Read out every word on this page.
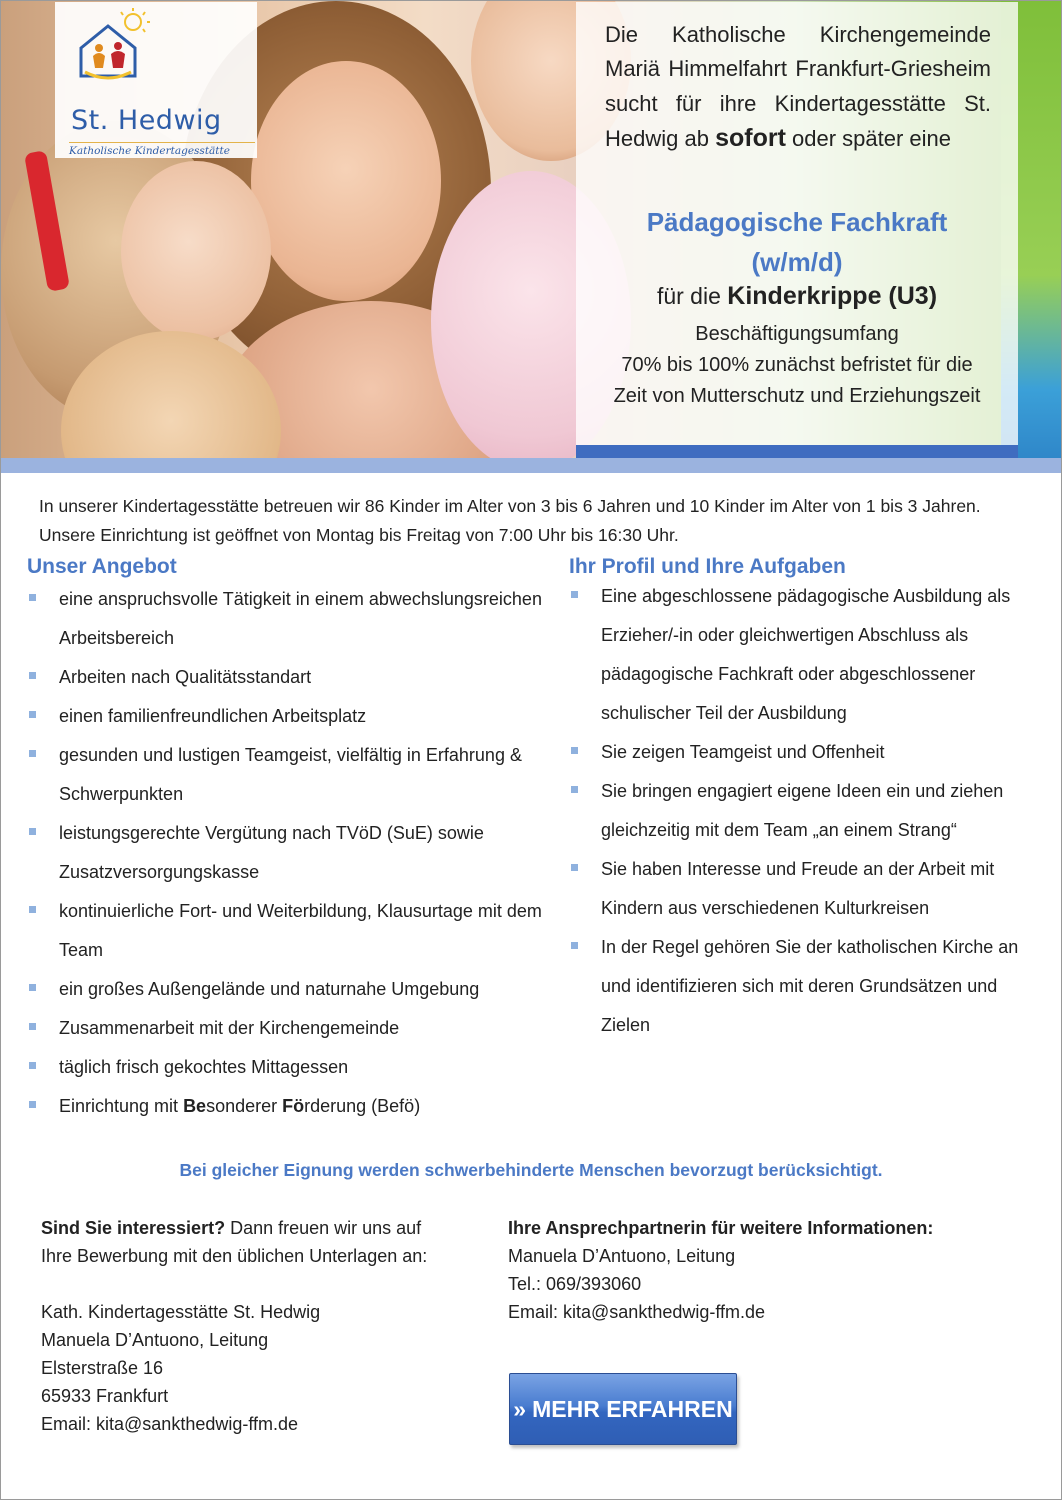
St. Hedwig
Katholische Kindertagesstätte

Die Katholische Kirchengemeinde Mariä Himmelfahrt Frankfurt-Griesheim sucht für ihre Kindertagesstätte St. Hedwig ab sofort oder später eine

Pädagogische Fachkraft
(w/m/d)
für die Kinderkrippe (U3)
Beschäftigungsumfang
70% bis 100% zunächst befristet für die Zeit von Mutterschutz und Erziehungszeit

In unserer Kindertagesstätte betreuen wir 86 Kinder im Alter von 3 bis 6 Jahren und 10 Kinder im Alter von 1 bis 3 Jahren. Unsere Einrichtung ist geöffnet von Montag bis Freitag von 7:00 Uhr bis 16:30 Uhr.

Unser Angebot
eine anspruchsvolle Tätigkeit in einem abwechslungsreichen Arbeitsbereich
Arbeiten nach Qualitätsstandart
einen familienfreundlichen Arbeitsplatz
gesunden und lustigen Teamgeist, vielfältig in Erfahrung & Schwerpunkten
leistungsgerechte Vergütung nach TVöD (SuE) sowie Zusatzversorgungskasse
kontinuierliche Fort- und Weiterbildung, Klausurtage mit dem Team
ein großes Außengelände und naturnahe Umgebung
Zusammenarbeit mit der Kirchengemeinde
täglich frisch gekochtes Mittagessen
Einrichtung mit Besonderer Förderung (Befö)
Ihr Profil und Ihre Aufgaben
Eine abgeschlossene pädagogische Ausbildung als Erzieher/-in oder gleichwertigen Abschluss als pädagogische Fachkraft oder abgeschlossener schulischer Teil der Ausbildung
Sie zeigen Teamgeist und Offenheit
Sie bringen engagiert eigene Ideen ein und ziehen gleichzeitig mit dem Team „an einem Strang“
Sie haben Interesse und Freude an der Arbeit mit Kindern aus verschiedenen Kulturkreisen
In der Regel gehören Sie der katholischen Kirche an und identifizieren sich mit deren Grundsätzen und Zielen

Bei gleicher Eignung werden schwerbehinderte Menschen bevorzugt berücksichtigt.

Sind Sie interessiert? Dann freuen wir uns auf Ihre Bewerbung mit den üblichen Unterlagen an:

Kath. Kindertagesstätte St. Hedwig
Manuela D’Antuono, Leitung
Elsterstraße 16
65933 Frankfurt
Email: kita@sankthedwig-ffm.de

Ihre Ansprechpartnerin für weitere Informationen:

Manuela D’Antuono, Leitung
Tel.: 069/393060
Email: kita@sankthedwig-ffm.de
» MEHR ERFAHREN
